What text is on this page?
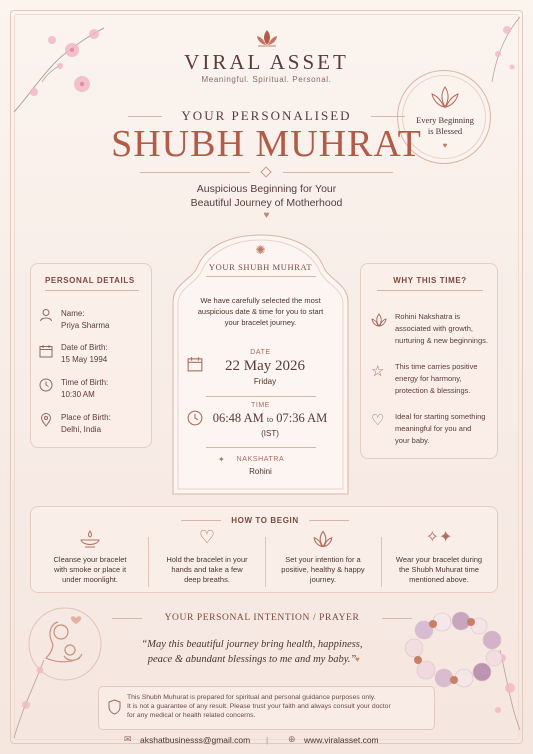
VIRAL ASSET
Meaningful. Spiritual. Personal.
Every Beginning
is Blessed
♥
YOUR PERSONALISED
SHUBH MUHRAT
Auspicious Beginning for Your
Beautiful Journey of Motherhood
♥
PERSONAL DETAILS
Name:
Priya Sharma
Date of Birth:
15 May 1994
Time of Birth:
10:30 AM
Place of Birth:
Delhi, India
✺
YOUR SHUBH MUHRAT
We have carefully selected the most
auspicious date & time for you to start
your bracelet journey.
DATE
22 May 2026
Friday
TIME
06:48 AM to 07:36 AM
(IST)
✦	NAKSHATRA
Rohini
WHY THIS TIME?
Rohini Nakshatra is
associated with growth,
nurturing & new beginnings.
☆ This time carries positive
energy for harmony,
protection & blessings.
♡ Ideal for starting something
meaningful for you and
your baby.
HOW TO BEGIN
Cleanse your bracelet
with smoke or place it
under moonlight.
♡
Hold the bracelet in your
hands and take a few
deep breaths.
Set your intention for a
positive, healthy & happy
journey.
✧✦
Wear your bracelet during
the Shubh Muhurat time
mentioned above.
YOUR PERSONAL INTENTION / PRAYER
“May this beautiful journey bring health, happiness,
peace & abundant blessings to me and my baby.”
♥
This Shubh Muhurat is prepared for spiritual and personal guidance purposes only.
It is not a guarantee of any result. Please trust your faith and always consult your doctor
for any medical or health related concerns.
✉ akshatbusinesss@gmail.com | ⊕ www.viralasset.com
